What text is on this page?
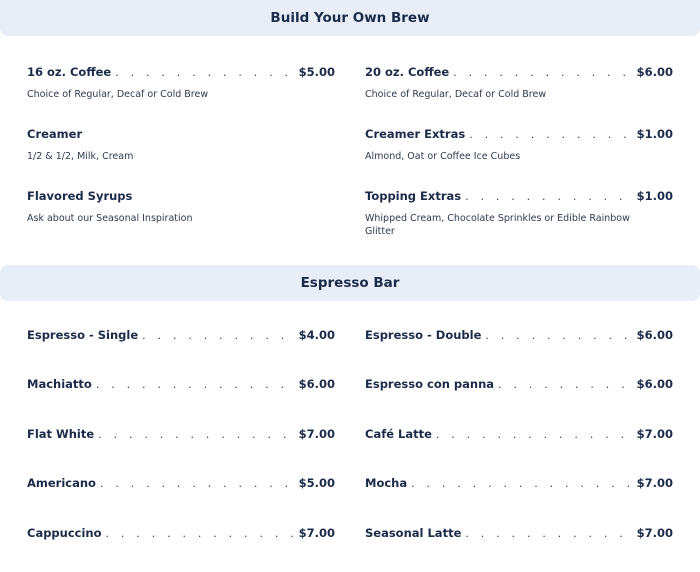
Build Your Own Brew
16 oz. Coffee . . .	$5.00
Choice of Regular, Decaf or Cold Brew
20 oz. Coffee . . .	$6.00
Choice of Regular, Decaf or Cold Brew
Creamer
1/2 & 1/2, Milk, Cream
Creamer Extras . . .	$1.00
Almond, Oat or Coffee Ice Cubes
Flavored Syrups
Ask about our Seasonal Inspiration
Topping Extras . . .	$1.00
Whipped Cream, Chocolate Sprinkles or Edible Rainbow Glitter
Espresso Bar
Espresso - Single . . .	$4.00	Espresso - Double . . .	$6.00
Machiatto . . .	$6.00	Espresso con panna . . .	$6.00
Flat White . . .	$7.00	Café Latte . . .	$7.00
Americano . . .	$5.00	Mocha . . .	$7.00
Cappuccino . . .	$7.00	Seasonal Latte . . .	$7.00
